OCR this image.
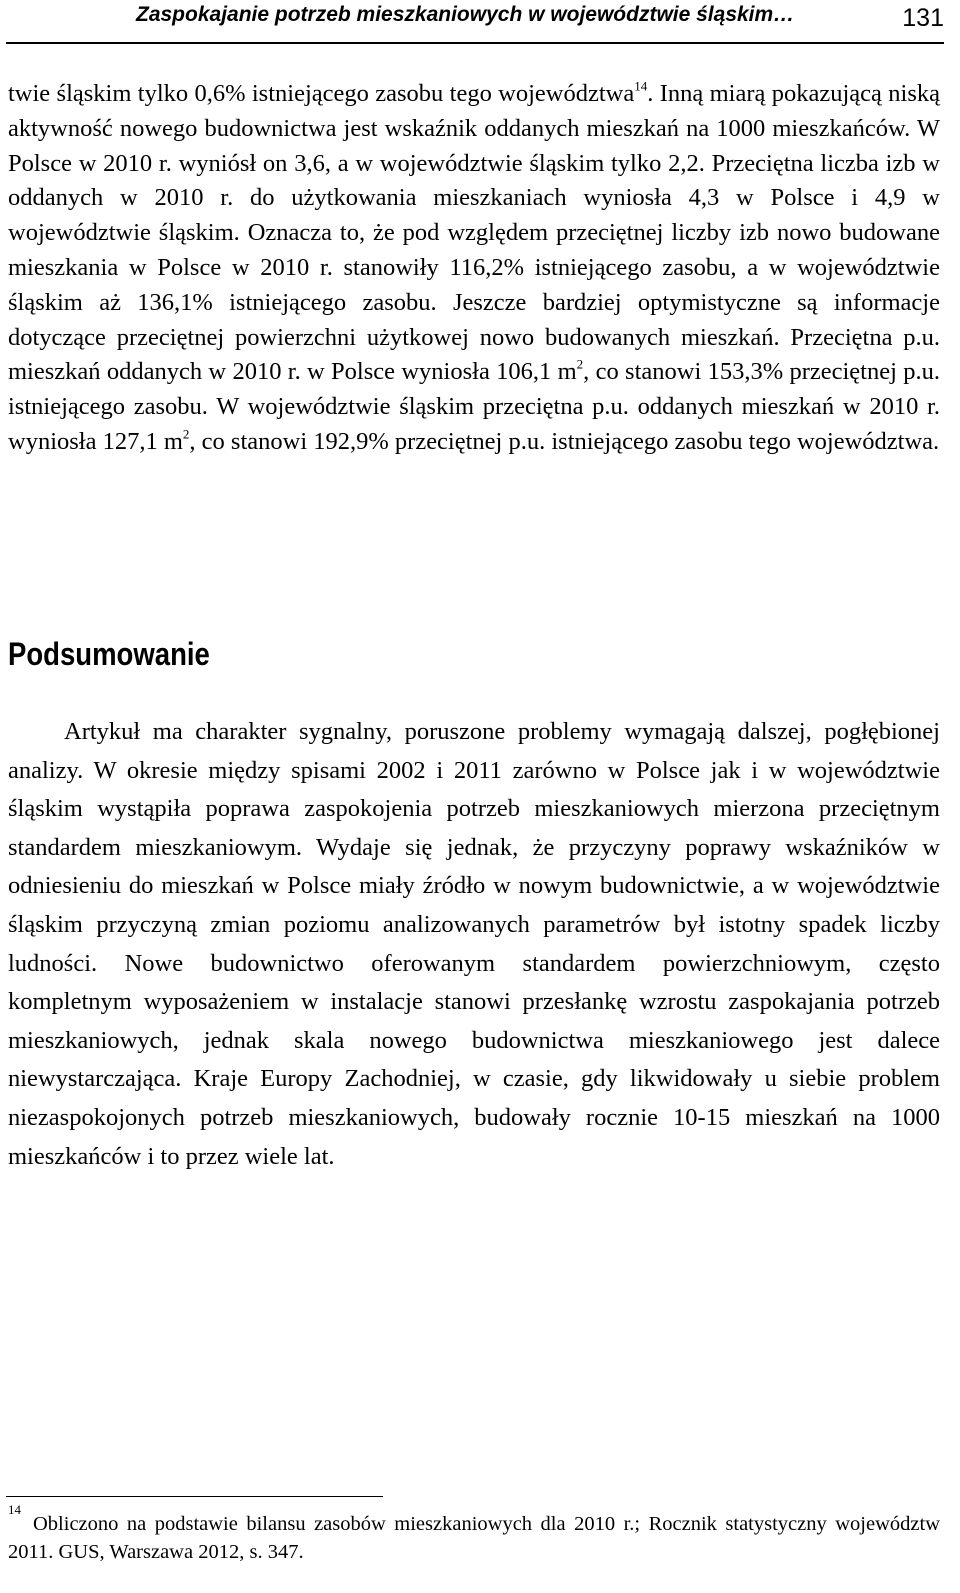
Zaspokajanie potrzeb mieszkaniowych w województwie śląskim…	131

twie śląskim tylko 0,6% istniejącego zasobu tego województwa$^{14}$. Inną miarą pokazującą niską aktywność nowego budownictwa jest wskaźnik oddanych mieszkań na 1000 mieszkańców. W Polsce w 2010 r. wyniósł on 3,6, a w województwie śląskim tylko 2,2. Przeciętna liczba izb w oddanych w 2010 r. do użytkowania mieszkaniach wyniosła 4,3 w Polsce i 4,9 w województwie śląskim. Oznacza to, że pod względem przeciętnej liczby izb nowo budowane mieszkania w Polsce w 2010 r. stanowiły 116,2% istniejącego zasobu, a w województwie śląskim aż 136,1% istniejącego zasobu. Jeszcze bardziej optymistyczne są informacje dotyczące przeciętnej powierzchni użytkowej nowo budowanych mieszkań. Przeciętna p.u. mieszkań oddanych w 2010 r. w Polsce wyniosła 106,1 $m^2$, co stanowi 153,3% przeciętnej p.u. istniejącego zasobu. W województwie śląskim przeciętna p.u. oddanych mieszkań w 2010 r. wyniosła 127,1 $m^2$, co stanowi 192,9% przeciętnej p.u. istniejącego zasobu tego województwa.

Podsumowanie

Artykuł ma charakter sygnalny, poruszone problemy wymagają dalszej, pogłębionej analizy. W okresie między spisami 2002 i 2011 zarówno w Polsce jak i w województwie śląskim wystąpiła poprawa zaspokojenia potrzeb mieszkaniowych mierzona przeciętnym standardem mieszkaniowym. Wydaje się jednak, że przyczyny poprawy wskaźników w odniesieniu do mieszkań w Polsce miały źródło w nowym budownictwie, a w województwie śląskim przyczyną zmian poziomu analizowanych parametrów był istotny spadek liczby ludności. Nowe budownictwo oferowanym standardem powierzchniowym, często kompletnym wyposażeniem w instalacje stanowi przesłankę wzrostu zaspokajania potrzeb mieszkaniowych, jednak skala nowego budownictwa mieszkaniowego jest dalece niewystarczająca. Kraje Europy Zachodniej, w czasie, gdy likwidowały u siebie problem niezaspokojonych potrzeb mieszkaniowych, budowały rocznie 10-15 mieszkań na 1000 mieszkańców i to przez wiele lat.

14
Obliczono na podstawie bilansu zasobów mieszkaniowych dla 2010 r.; Rocznik statystyczny województw 2011. GUS, Warszawa 2012, s. 347.
